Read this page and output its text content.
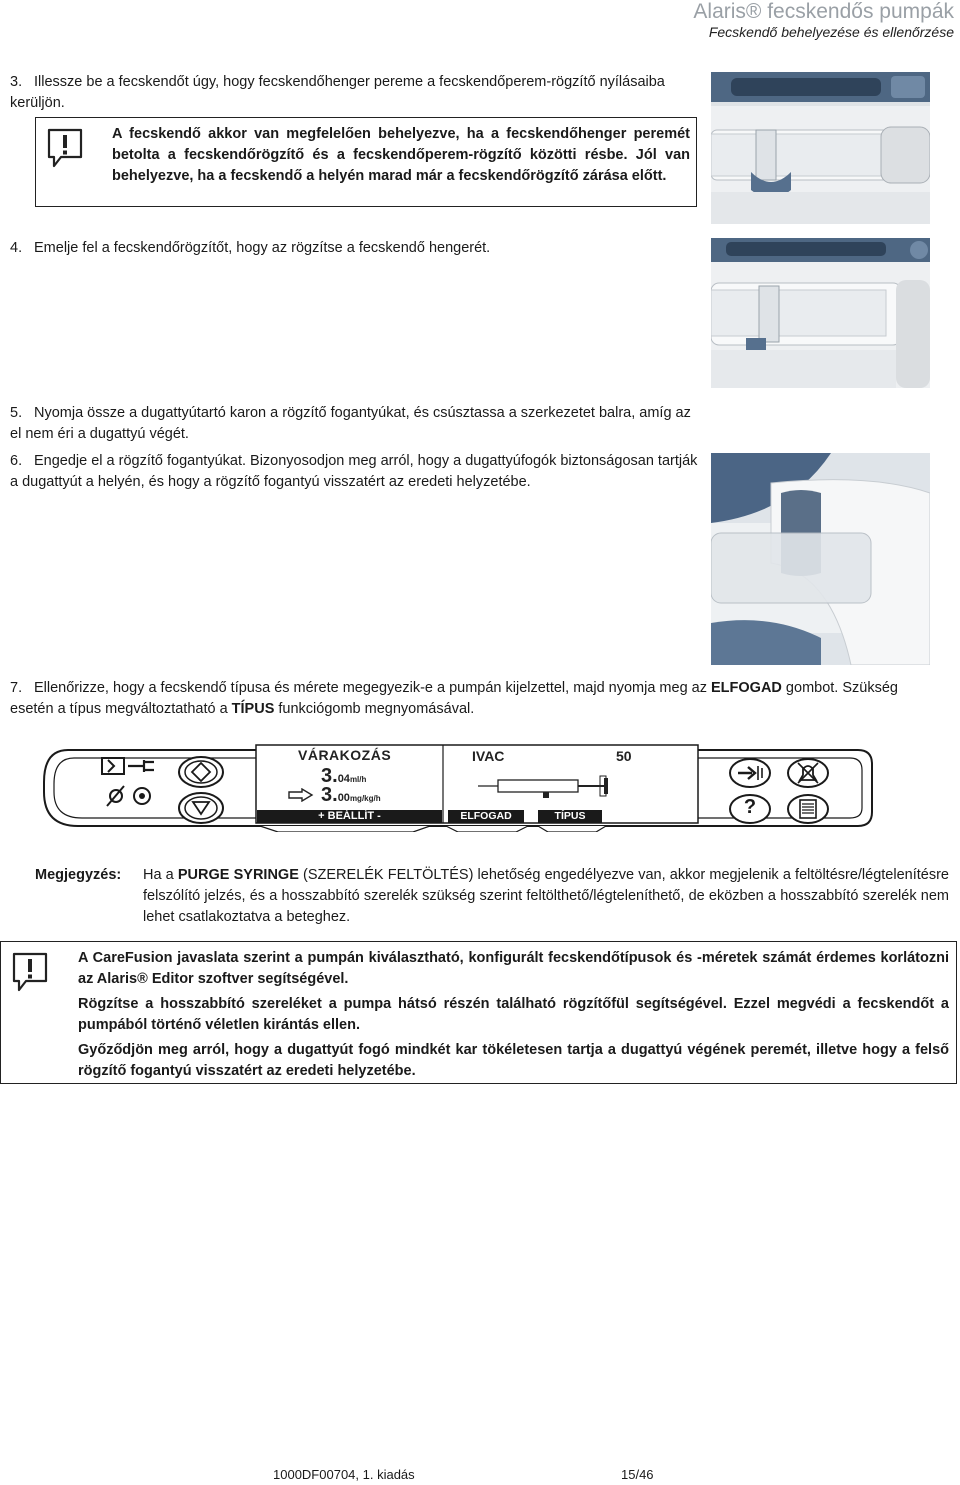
Alaris® fecskendős pumpák
Fecskendő behelyezése és ellenőrzése
3. Illessze be a fecskendőt úgy, hogy fecskendőhenger pereme a fecskendőperem-rögzítő nyílásaiba kerüljön.
A fecskendő akkor van megfelelően behelyezve, ha a fecskendőhenger peremét betolta a fecskendőrögzítő és a fecskendőperem-rögzítő közötti résbe. Jól van behelyezve, ha a fecskendő a helyén marad már a fecskendőrögzítő zárása előtt.
4. Emelje fel a fecskendőrögzítőt, hogy az rögzítse a fecskendő hengerét.
5. Nyomja össze a dugattyútartó karon a rögzítő fogantyúkat, és csúsztassa a szerkezetet balra, amíg az el nem éri a dugattyú végét.
6. Engedje el a rögzítő fogantyúkat. Bizonyosodjon meg arról, hogy a dugattyúfogók biztonságosan tartják a dugattyút a helyén, és hogy a rögzítő fogantyú visszatért az eredeti helyzetébe.
7. Ellenőrizze, hogy a fecskendő típusa és mérete megegyezik-e a pumpán kijelzettel, majd nyomja meg az ELFOGAD gombot. Szükség esetén a típus megváltoztatható a TÍPUS funkciógomb megnyomásával.
VÁRAKOZÁS
3.04ml/h
3.00mg/kg/h
+ BEÁLLÍT -
IVAC	50
ELFOGAD	TÍPUS	?
Megjegyzés:	Ha a PURGE SYRINGE (SZERELÉK FELTÖLTÉS) lehetőség engedélyezve van, akkor megjelenik a feltöltésre/légtelenítésre felszólító jelzés, és a hosszabbító szerelék szükség szerint feltölthető/légteleníthető, de eközben a hosszabbító szerelék nem lehet csatlakoztatva a beteghez.
A CareFusion javaslata szerint a pumpán kiválasztható, konfigurált fecskendőtípusok és -méretek számát érdemes korlátozni az Alaris® Editor szoftver segítségével.
Rögzítse a hosszabbító szereléket a pumpa hátsó részén található rögzítőfül segítségével. Ezzel megvédi a fecskendőt a pumpából történő véletlen kirántás ellen.
Győződjön meg arról, hogy a dugattyút fogó mindkét kar tökéletesen tartja a dugattyú végének peremét, illetve hogy a felső rögzítő fogantyú visszatért az eredeti helyzetébe.
1000DF00704, 1. kiadás	15/46
